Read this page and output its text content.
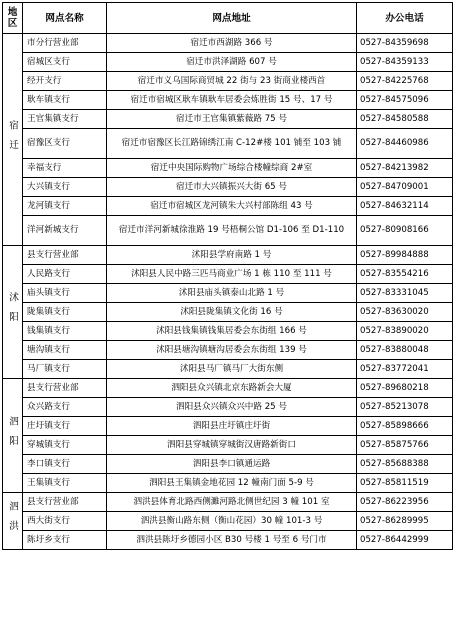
地区	网点名称	网点地址	办公电话
宿迁	市分行营业部	宿迁市西湖路 366 号	0527-84359698
	宿城区支行	宿迁市洪泽湖路 607 号	0527-84359133
	经开支行	宿迁市义乌国际商贸城 22 街与 23 街商业楼西首	0527-84225768
	耿车镇支行	宿迁市宿城区耿车镇耿车居委会炼胜街 15 号、17 号	0527-84575096
	王官集镇支行	宿迁市王官集镇紫薇路 75 号	0527-84580588
	宿豫区支行	宿迁市宿豫区长江路锦绣江南 C-12#楼 101 铺至 103 铺	0527-84460986
	幸福支行	宿迁中央国际购物广场综合楼幢综商 2#室	0527-84213982
	大兴镇支行	宿迁市大兴镇振兴大街 65 号	0527-84709001
	龙河镇支行	宿迁市宿城区龙河镇朱大兴村部陈组 43 号	0527-84632114
	洋河新城支行	宿迁市洋河新城徐淮路 19 号梧桐公馆 D1-106 至 D1-110	0527-80908166
沭阳	县支行营业部	沭阳县学府南路 1 号	0527-89984888
	人民路支行	沭阳县人民中路三匹马商业广场 1 栋 110 至 111 号	0527-83554216
	庙头镇支行	沭阳县庙头镇泰山北路 1 号	0527-83331045
	陇集镇支行	沭阳县陇集镇文化街 16 号	0527-83630020
	钱集镇支行	沭阳县钱集镇钱集居委会东街组 166 号	0527-83890020
	塘沟镇支行	沭阳县塘沟镇塘沟居委会东街组 139 号	0527-83880048
	马厂镇支行	沭阳县马厂镇马厂大街东侧	0527-83772041
泗阳	县支行营业部	泗阳县众兴镇北京东路新会大厦	0527-89680218
	众兴路支行	泗阳县众兴镇众兴中路 25 号	0527-85213078
	庄圩镇支行	泗阳县庄圩镇庄圩街	0527-85898666
	穿城镇支行	泗阳县穿城镇穿城街汉唐路新街口	0527-85875766
	李口镇支行	泗阳县李口镇通运路	0527-85688388
	王集镇支行	泗阳县王集镇金地花园 12 幢南门面 5-9 号	0527-85811519
泗洪	县支行营业部	泗洪县体育北路西侧濉河路北侧世纪园 3 幢 101 室	0527-86223956
	西大街支行	泗洪县衡山路东侧（衡山花园）30 幢 101-3 号	0527-86289995
	陈圩乡支行	泗洪县陈圩乡德园小区 B30 号楼 1 号至 6 号门市	0527-86442999
